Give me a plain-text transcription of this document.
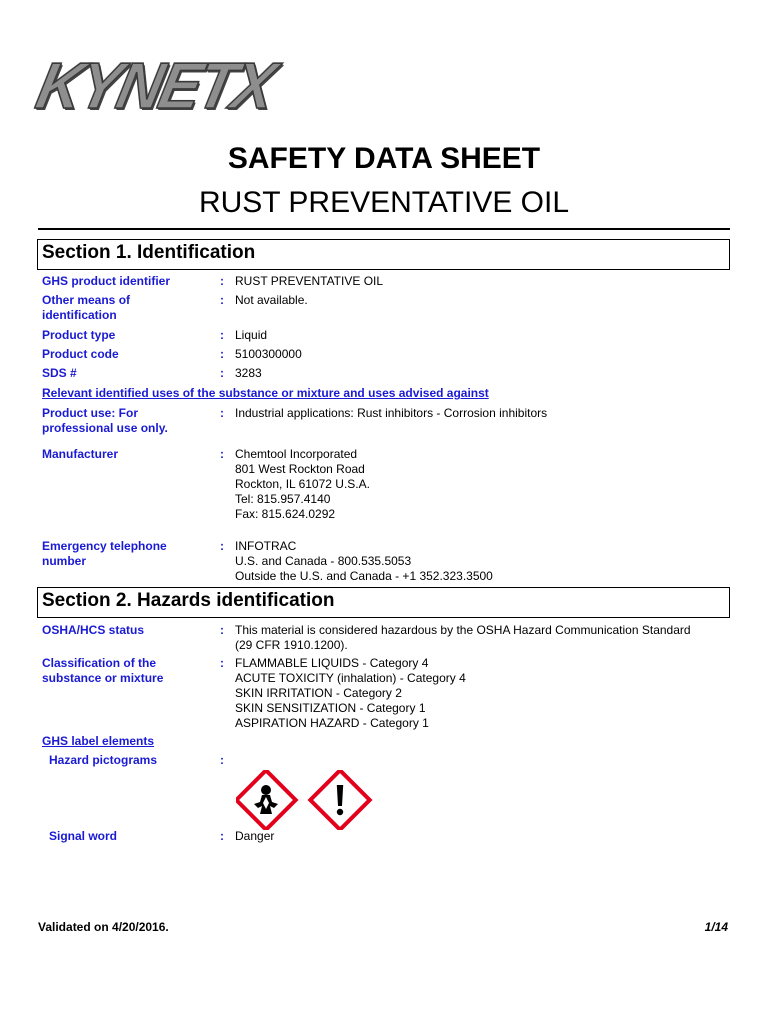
KYNETX
SAFETY DATA SHEET
RUST PREVENTATIVE OIL
Section 1. Identification
GHS product identifier	: RUST PREVENTATIVE OIL
Other means of
identification
: Not available.
Product type	: Liquid
Product code	: 5100300000
SDS #	: 3283
Relevant identified uses of the substance or mixture and uses advised against
Product use: For
professional use only.
: Industrial applications: Rust inhibitors - Corrosion inhibitors
Manufacturer	: Chemtool Incorporated
801 West Rockton Road
Rockton, IL 61072 U.S.A.
Tel: 815.957.4140
Fax: 815.624.0292
Emergency telephone
number
: INFOTRAC
U.S. and Canada - 800.535.5053
Outside the U.S. and Canada - +1 352.323.3500
Section 2. Hazards identification
OSHA/HCS status	: This material is considered hazardous by the OSHA Hazard Communication Standard
(29 CFR 1910.1200).
Classification of the
substance or mixture
: FLAMMABLE LIQUIDS - Category 4
ACUTE TOXICITY (inhalation) - Category 4
SKIN IRRITATION - Category 2
SKIN SENSITIZATION - Category 1
ASPIRATION HAZARD - Category 1
GHS label elements
Hazard pictograms	:
Signal word	: Danger
Validated on 4/20/2016.	1/14
